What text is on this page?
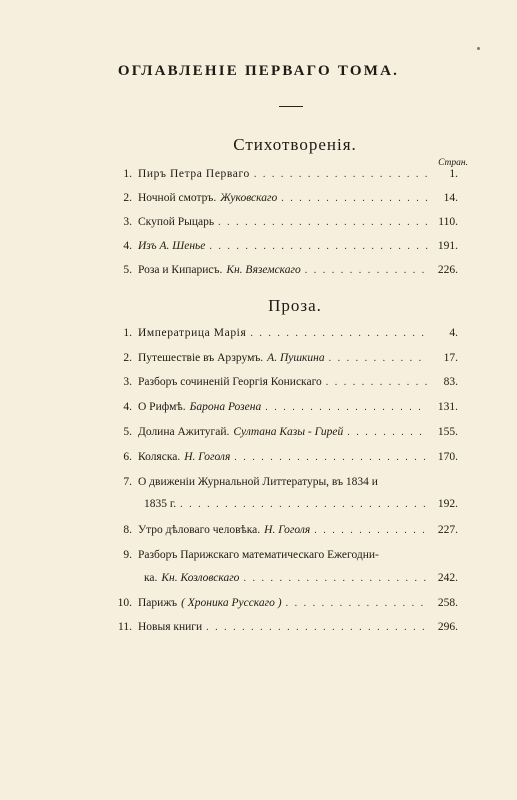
ОГЛАВЛЕНІЕ ПЕРВАГО ТОМА.
Стихотворенія.
Стран.
1. Пиръ Петра Перваго . . .	1.
2. Ночной смотръ. Жуковскаго . . .	14.
3. Скупой Рыцарь . . .	110.
4. Изъ А. Шенье . . .	191.
5. Роза и Кипарисъ. Кн. Вяземскаго . . .	226.
Проза.
1. Императрица Марія . . .	4.
2. Путешествіе въ Арзрумъ. А. Пушкина . . .	17.
3. Разборъ сочиненій Георгія Конискаго . . .	83.
4. О Рифмѣ. Барона Розена . . .	131.
5. Долина Ажитугай. Султана Казы - Гирей . . .	155.
6. Коляска. Н. Гоголя . . .	170.
7. О движеніи Журнальной Литтературы, въ 1834 и
1835 г. . . .	192.
8. Утро дѣловаго человѣка. Н. Гоголя . . .	227.
9. Разборъ Парижскаго математическаго Ежегодни-
ка. Кн. Козловскаго . . .	242.
10. Парижъ ( Хроника Русскаго ) . . .	258.
11. Новыя книги . . .	296.
